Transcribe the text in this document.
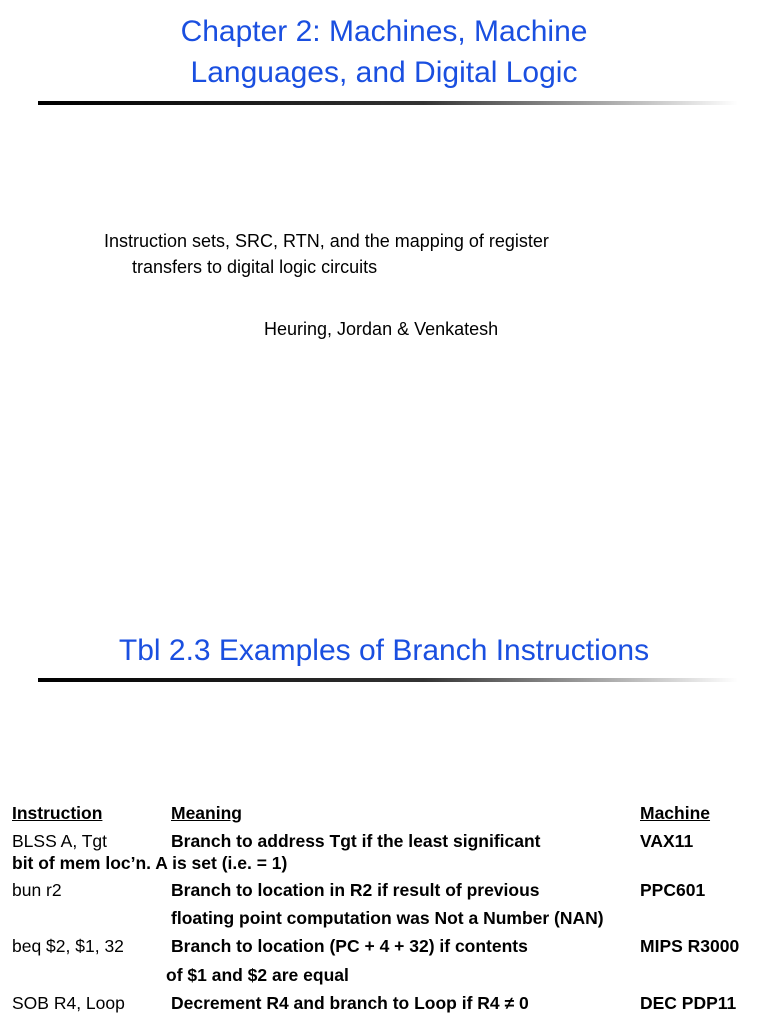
Chapter 2: Machines, Machine
Languages, and Digital Logic
Instruction sets, SRC, RTN, and the mapping of register
transfers to digital logic circuits
Heuring, Jordan & Venkatesh
Tbl 2.3 Examples of Branch Instructions
Instruction	Meaning	Machine
BLSS A, Tgt	Branch to address Tgt if the least significant	VAX11
bit of mem loc’n. A is set (i.e. = 1)
bun r2	Branch to location in R2 if result of previous	PPC601
floating point computation was Not a Number (NAN)
beq $2, $1, 32	Branch to location (PC + 4 + 32) if contents	MIPS R3000
of $1 and $2 are equal
SOB R4, Loop	Decrement R4 and branch to Loop if R4 ≠ 0	DEC PDP11
